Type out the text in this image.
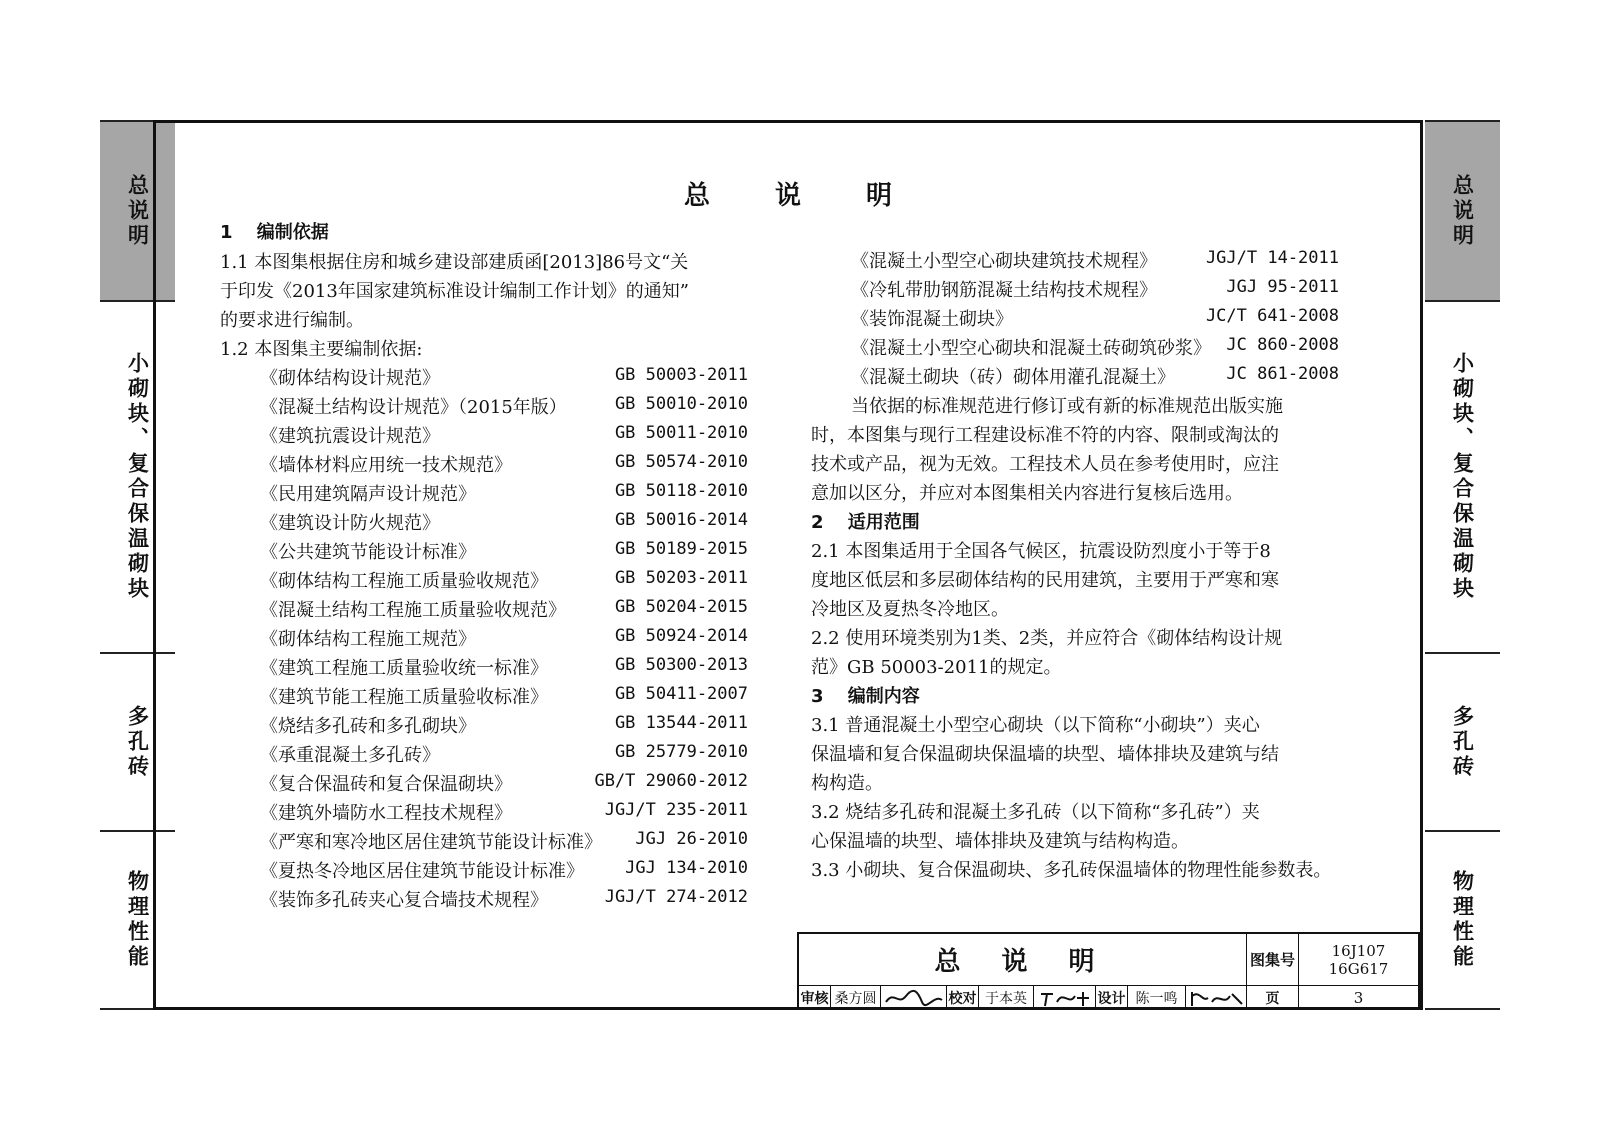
总说明
小砌块、复合保温砌块
多孔砖
物理性能
总说明
小砌块、复合保温砌块
多孔砖
物理性能
总 说 明
1　 编制依据
1.1 本图集根据住房和城乡建设部建质函[2013]86号文“关
于印发《2013年国家建筑标准设计编制工作计划》的通知”
的要求进行编制。
1.2 本图集主要编制依据:
《砌体结构设计规范》	GB 50003-2011
《混凝土结构设计规范》（2015年版）	GB 50010-2010
《建筑抗震设计规范》	GB 50011-2010
《墙体材料应用统一技术规范》	GB 50574-2010
《民用建筑隔声设计规范》	GB 50118-2010
《建筑设计防火规范》	GB 50016-2014
《公共建筑节能设计标准》	GB 50189-2015
《砌体结构工程施工质量验收规范》	GB 50203-2011
《混凝土结构工程施工质量验收规范》	GB 50204-2015
《砌体结构工程施工规范》	GB 50924-2014
《建筑工程施工质量验收统一标准》	GB 50300-2013
《建筑节能工程施工质量验收标准》	GB 50411-2007
《烧结多孔砖和多孔砌块》	GB 13544-2011
《承重混凝土多孔砖》	GB 25779-2010
《复合保温砖和复合保温砌块》	GB/T 29060-2012
《建筑外墙防水工程技术规程》	JGJ/T 235-2011
《严寒和寒冷地区居住建筑节能设计标准》 JGJ 26-2010
《夏热冬冷地区居住建筑节能设计标准》 JGJ 134-2010
《装饰多孔砖夹心复合墙技术规程》	JGJ/T 274-2012
《混凝土小型空心砌块建筑技术规程》	JGJ/T 14-2011
《冷轧带肋钢筋混凝土结构技术规程》	JGJ 95-2011
《装饰混凝土砌块》	JC/T 641-2008
《混凝土小型空心砌块和混凝土砖砌筑砂浆》 JC 860-2008
《混凝土砌块（砖）砌体用灌孔混凝土》	JC 861-2008
当依据的标准规范进行修订或有新的标准规范出版实施
时，本图集与现行工程建设标准不符的内容、限制或淘汰的
技术或产品，视为无效。工程技术人员在参考使用时，应注
意加以区分，并应对本图集相关内容进行复核后选用。
2　 适用范围
2.1 本图集适用于全国各气候区，抗震设防烈度小于等于8
度地区低层和多层砌体结构的民用建筑，主要用于严寒和寒
冷地区及夏热冬冷地区。
2.2 使用环境类别为1类、2类，并应符合《砌体结构设计规
范》GB 50003-2011的规定。
3　 编制内容
3.1 普通混凝土小型空心砌块（以下简称“小砌块”）夹心
保温墙和复合保温砌块保温墙的块型、墙体排块及建筑与结
构构造。
3.2 烧结多孔砖和混凝土多孔砖（以下简称“多孔砖”）夹
心保温墙的块型、墙体排块及建筑与结构构造。
3.3 小砌块、复合保温砌块、多孔砖保温墙体的物理性能参数表。
总 说 明	图集号
16J107
16G617
审核 桑方圆	校对 于本英	设计 陈一鸣	页	3
